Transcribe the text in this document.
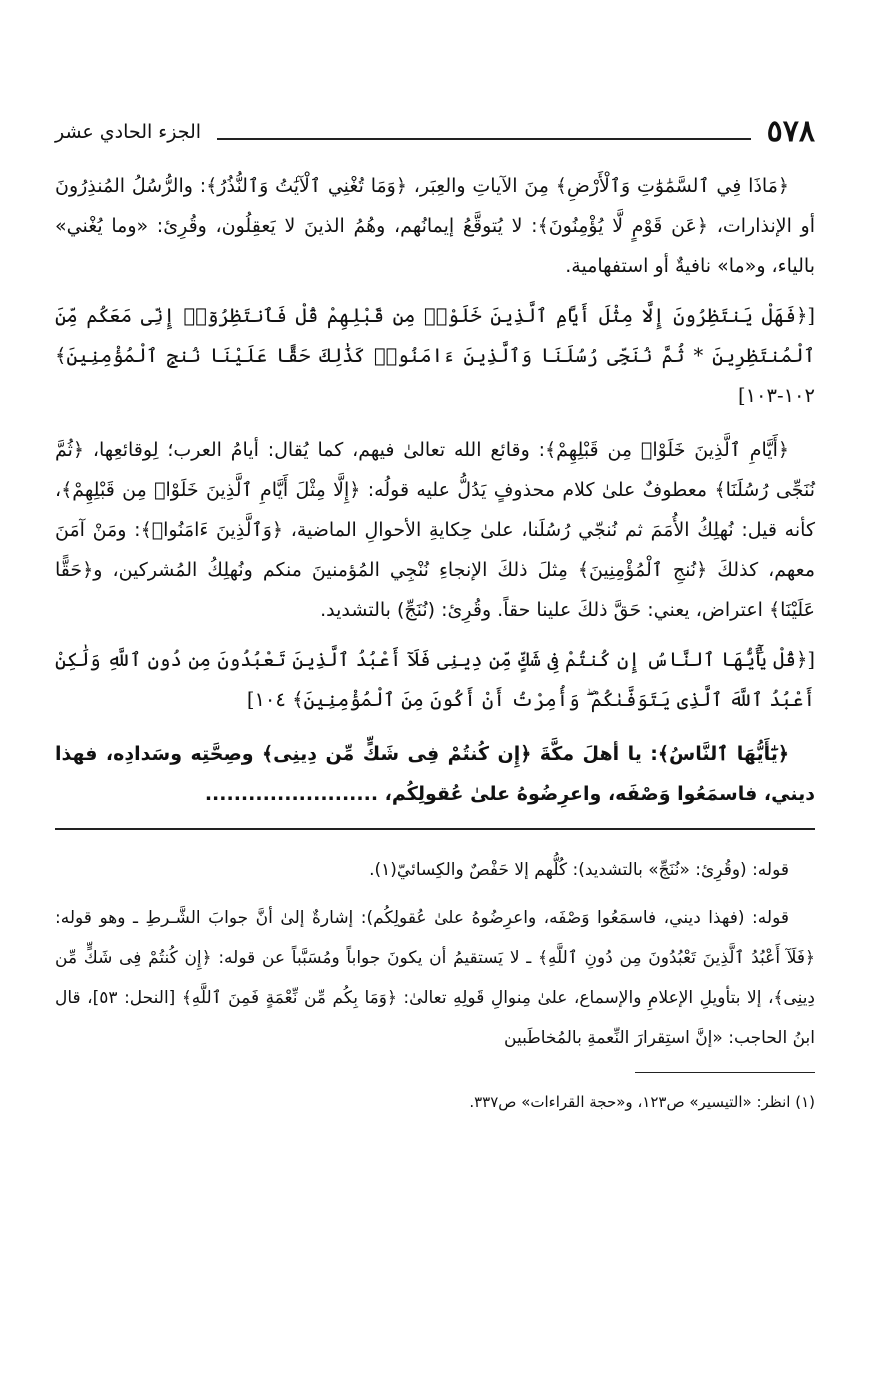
٥٧٨
الجزء الحادي عشر

﴿مَاذَا فِي ٱلسَّمَٰوَٰتِ وَٱلْأَرْضِ﴾ مِنَ الآياتِ والعِبَر، ﴿وَمَا تُغْنِي ٱلْآيَٰتُ وَٱلنُّذُرُ﴾: والرُّسُلُ المُنذِرُونَ أو الإنذارات، ﴿عَن قَوْمٍ لَّا يُؤْمِنُونَ﴾: لا يُتوقَّعُ إيمانُهم، وهُمُ الذينَ لا يَعقِلُون، وقُرِئ: «وما يُغْني» بالياء، و«ما» نافيةٌ أو استفهامية.

[﴿فَهَلْ يَنتَظِرُونَ إِلَّا مِثْلَ أَيَّامِ ٱلَّذِينَ خَلَوْا۟ مِن قَبْلِهِمْ قُلْ فَٱنتَظِرُوٓا۟ إِنِّى مَعَكُم مِّنَ ٱلْمُنتَظِرِينَ * ثُمَّ نُنَجِّى رُسُلَنَا وَٱلَّذِينَ ءَامَنُوا۟ كَذَٰلِكَ حَقًّا عَلَيْنَا نُنجِ ٱلْمُؤْمِنِينَ﴾ ١٠٢-١٠٣]

﴿أَيَّامِ ٱلَّذِينَ خَلَوْا۟ مِن قَبْلِهِمْ﴾: وقائع الله تعالىٰ فيهم، كما يُقال: أيامُ العرب؛ لِوقائعِها، ﴿ثُمَّ نُنَجِّى رُسُلَنَا﴾ معطوفٌ علىٰ كلام محذوفٍ يَدُلُّ عليه قولُه: ﴿إِلَّا مِثْلَ أَيَّامِ ٱلَّذِينَ خَلَوْا۟ مِن قَبْلِهِمْ﴾، كأنه قيل: نُهلِكُ الأُمَمَ ثم نُنجّي رُسُلَنا، علىٰ حِكايةِ الأحوالِ الماضية، ﴿وَٱلَّذِينَ ءَامَنُوا۟﴾: ومَنْ آمَنَ معهم، كذلكَ ﴿نُنجِ ٱلْمُؤْمِنِينَ﴾ مِثلَ ذلكَ الإنجاءِ نُنْجِي المُؤمنينَ منكم ونُهلِكُ المُشركين، و﴿حَقًّا عَلَيْنَا﴾ اعتراض، يعني: حَقَّ ذلكَ علينا حقاً. وقُرِئ: (نُنَجِّ) بالتشديد.

[﴿قُلْ يَٰٓأَيُّهَا ٱلنَّاسُ إِن كُنتُمْ فِى شَكٍّ مِّن دِينِى فَلَآ أَعْبُدُ ٱلَّذِينَ تَعْبُدُونَ مِن دُونِ ٱللَّهِ وَلَٰكِنْ أَعْبُدُ ٱللَّهَ ٱلَّذِى يَتَوَفَّىٰكُمْ ۖ وَأُمِرْتُ أَنْ أَكُونَ مِنَ ٱلْمُؤْمِنِينَ﴾ ١٠٤]

﴿يَٰٓأَيُّهَا ٱلنَّاسُ﴾: يا أهلَ مكَّةَ ﴿إِن كُنتُمْ فِى شَكٍّ مِّن دِينِى﴾ وصِحَّتِه وسَدادِه، فهذا ديني، فاسمَعُوا وَصْفَه، واعرِضُوهُ علىٰ عُقولِكُم، ........................

قوله: (وقُرِئ: «نُنَجِّ» بالتشديد): كُلُّهم إلا حَفْصٌ والكِسائيّ(١).

قوله: (فهذا ديني، فاسمَعُوا وَصْفَه، واعرِضُوهُ علىٰ عُقولِكُم): إشارةٌ إلىٰ أنَّ جوابَ الشَّـرطِ ـ وهو قوله: ﴿فَلَآ أَعْبُدُ ٱلَّذِينَ تَعْبُدُونَ مِن دُونِ ٱللَّهِ﴾ ـ لا يَستقيمُ أن يكونَ جواباً ومُسَبَّباً عن قوله: ﴿إِن كُنتُمْ فِى شَكٍّ مِّن دِينِى﴾، إلا بتأويلِ الإعلامِ والإسماع، علىٰ مِنوالِ قَولِهِ تعالىٰ: ﴿وَمَا بِكُم مِّن نِّعْمَةٍ فَمِنَ ٱللَّهِ﴾ [النحل: ٥٣]، قال ابنُ الحاجب: «إنَّ استِقرارَ النِّعمةِ بالمُخاطَبين

(١) انظر: «التيسير» ص١٢٣، و«حجة القراءات» ص٣٣٧.
